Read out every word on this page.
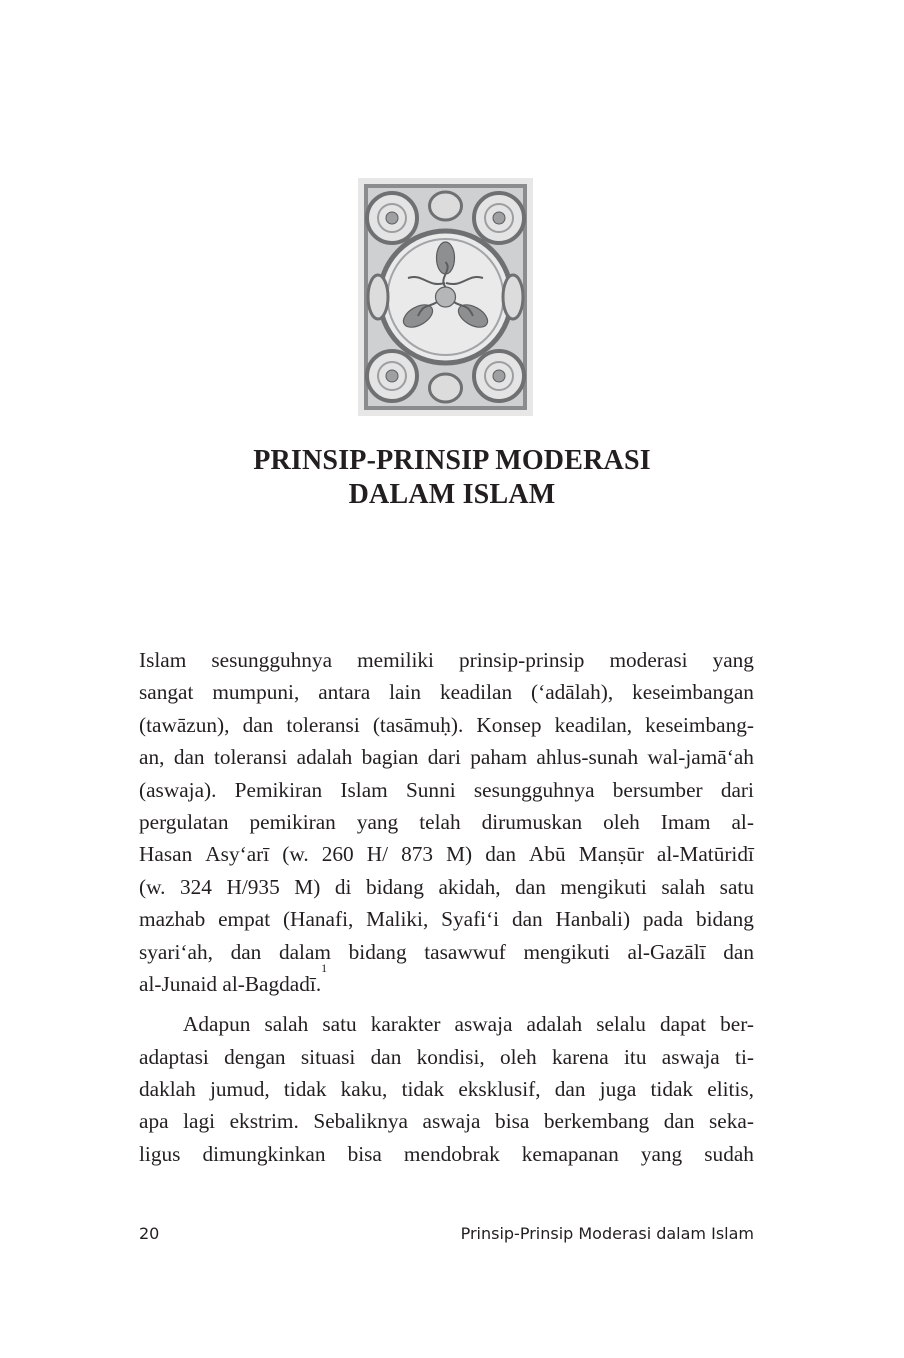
PRINSIP-PRINSIP MODERASI
DALAM ISLAM
Islam sesungguhnya memiliki prinsip-prinsip moderasi yang
sangat mumpuni, antara lain keadilan (‘adālah), keseimbangan
(tawāzun), dan toleransi (tasāmuḥ). Konsep keadilan, keseimbang-
an, dan toleransi adalah bagian dari paham ahlus-sunah wal-jamā‘ah
(aswaja). Pemikiran Islam Sunni sesungguhnya bersumber dari
pergulatan pemikiran yang telah dirumuskan oleh Imam al-
Hasan Asy‘arī (w. 260 H/ 873 M) dan Abū Manṣūr al-Matūridī
(w. 324 H/935 M) di bidang akidah, dan mengikuti salah satu
mazhab empat (Hanafi, Maliki, Syafi‘i dan Hanbali) pada bidang
syari‘ah, dan dalam bidang tasawwuf mengikuti al-Gazālī dan
al-Junaid al-Bagdadī.
1
Adapun salah satu karakter aswaja adalah selalu dapat ber-
adaptasi dengan situasi dan kondisi, oleh karena itu aswaja ti-
daklah jumud, tidak kaku, tidak eksklusif, dan juga tidak elitis,
apa lagi ekstrim. Sebaliknya aswaja bisa berkembang dan seka-
ligus dimungkinkan bisa mendobrak kemapanan yang sudah
20	Prinsip-Prinsip Moderasi dalam Islam
